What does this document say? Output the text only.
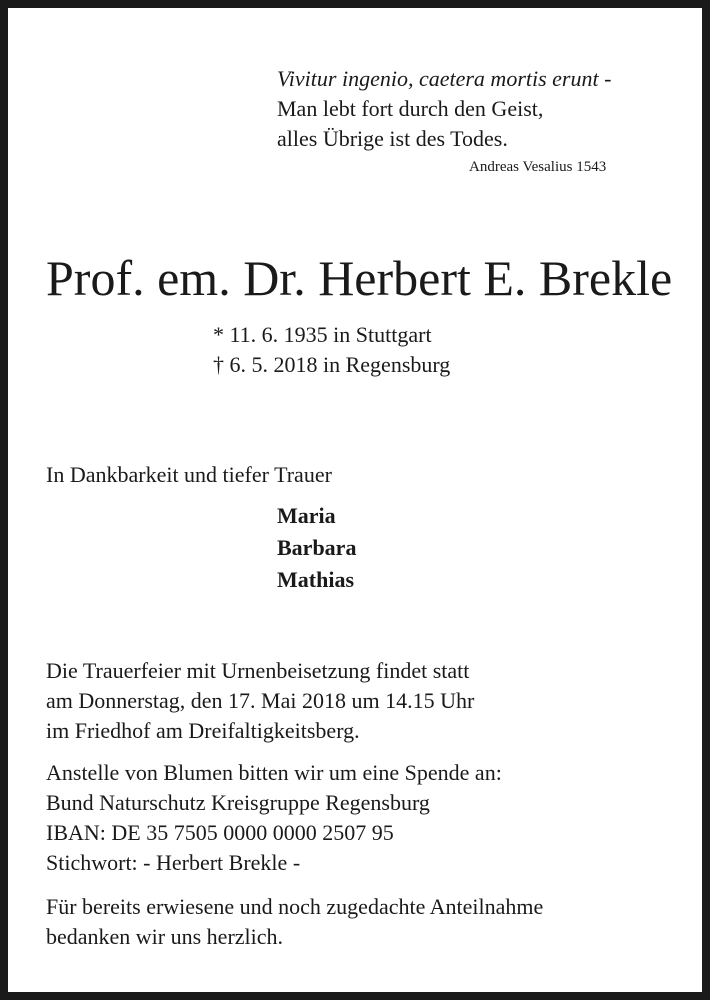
Vivitur ingenio, caetera mortis erunt -
Man lebt fort durch den Geist,
alles Übrige ist des Todes.
Andreas Vesalius 1543
Prof. em. Dr. Herbert E. Brekle
* 11. 6. 1935 in Stuttgart
† 6. 5. 2018 in Regensburg
In Dankbarkeit und tiefer Trauer
Maria
Barbara
Mathias
Die Trauerfeier mit Urnenbeisetzung findet statt
am Donnerstag, den 17. Mai 2018 um 14.15 Uhr
im Friedhof am Dreifaltigkeitsberg.
Anstelle von Blumen bitten wir um eine Spende an:
Bund Naturschutz Kreisgruppe Regensburg
IBAN: DE 35 7505 0000 0000 2507 95
Stichwort: - Herbert Brekle -
Für bereits erwiesene und noch zugedachte Anteilnahme
bedanken wir uns herzlich.
